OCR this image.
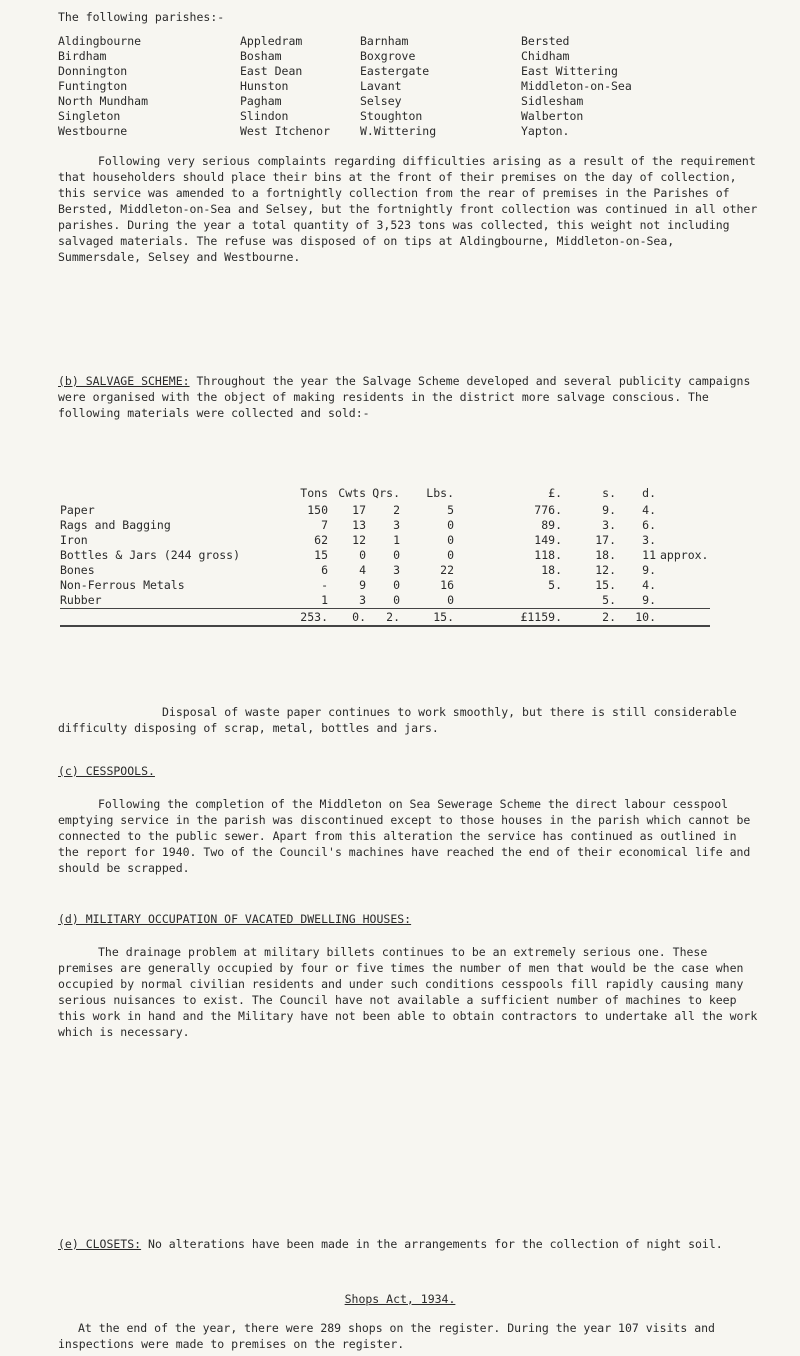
The following parishes:-
Aldingbourne	Appledram	Barnham	Bersted
Birdham	Bosham	Boxgrove	Chidham
Donnington	East Dean	Eastergate	East Wittering
Funtington	Hunston	Lavant	Middleton-on-Sea
North Mundham	Pagham	Selsey	Sidlesham
Singleton	Slindon	Stoughton	Walberton
Westbourne	West Itchenor	W.Wittering	Yapton.

Following very serious complaints regarding difficulties arising as a result of the requirement that householders should place their bins at the front of their premises on the day of collection, this service was amended to a fortnightly collection from the rear of premises in the Parishes of Bersted, Middleton-on-Sea and Selsey, but the fortnightly front collection was continued in all other parishes. During the year a total quantity of 3,523 tons was collected, this weight not including salvaged materials. The refuse was disposed of on tips at Aldingbourne, Middleton-on-Sea, Summersdale, Selsey and Westbourne.

(b) SALVAGE SCHEME: Throughout the year the Salvage Scheme developed and several publicity campaigns were organised with the object of making residents in the district more salvage conscious. The following materials were collected and sold:-

	Tons	Cwts	Qrs.	Lbs.	£.	s.	d.	
Paper	150	17	2	5	776.	9.	4.	
Rags and Bagging	7	13	3	0	89.	3.	6.	
Iron	62	12	1	0	149.	17.	3.	
Bottles & Jars (244 gross)	15	0	0	0	118.	18.	11	approx.
Bones	6	4	3	22	18.	12.	9.	
Non-Ferrous Metals	-	9	0	16	5.	15.	4.	
Rubber	1	3	0	0		5.	9.	
	253.	0.	2.	15.	£1159.	2.	10.	

Disposal of waste paper continues to work smoothly, but there is still considerable difficulty disposing of scrap, metal, bottles and jars.

(c) CESSPOOLS.

Following the completion of the Middleton on Sea Sewerage Scheme the direct labour cesspool emptying service in the parish was discontinued except to those houses in the parish which cannot be connected to the public sewer. Apart from this alteration the service has continued as outlined in the report for 1940. Two of the Council's machines have reached the end of their economical life and should be scrapped.

(d) MILITARY OCCUPATION OF VACATED DWELLING HOUSES:

The drainage problem at military billets continues to be an extremely serious one. These premises are generally occupied by four or five times the number of men that would be the case when occupied by normal civilian residents and under such conditions cesspools fill rapidly causing many serious nuisances to exist. The Council have not available a sufficient number of machines to keep this work in hand and the Military have not been able to obtain contractors to undertake all the work which is necessary.

(e) CLOSETS: No alterations have been made in the arrangements for the collection of night soil.

Shops Act, 1934.

At the end of the year, there were 289 shops on the register. During the year 107 visits and inspections were made to premises on the register.
